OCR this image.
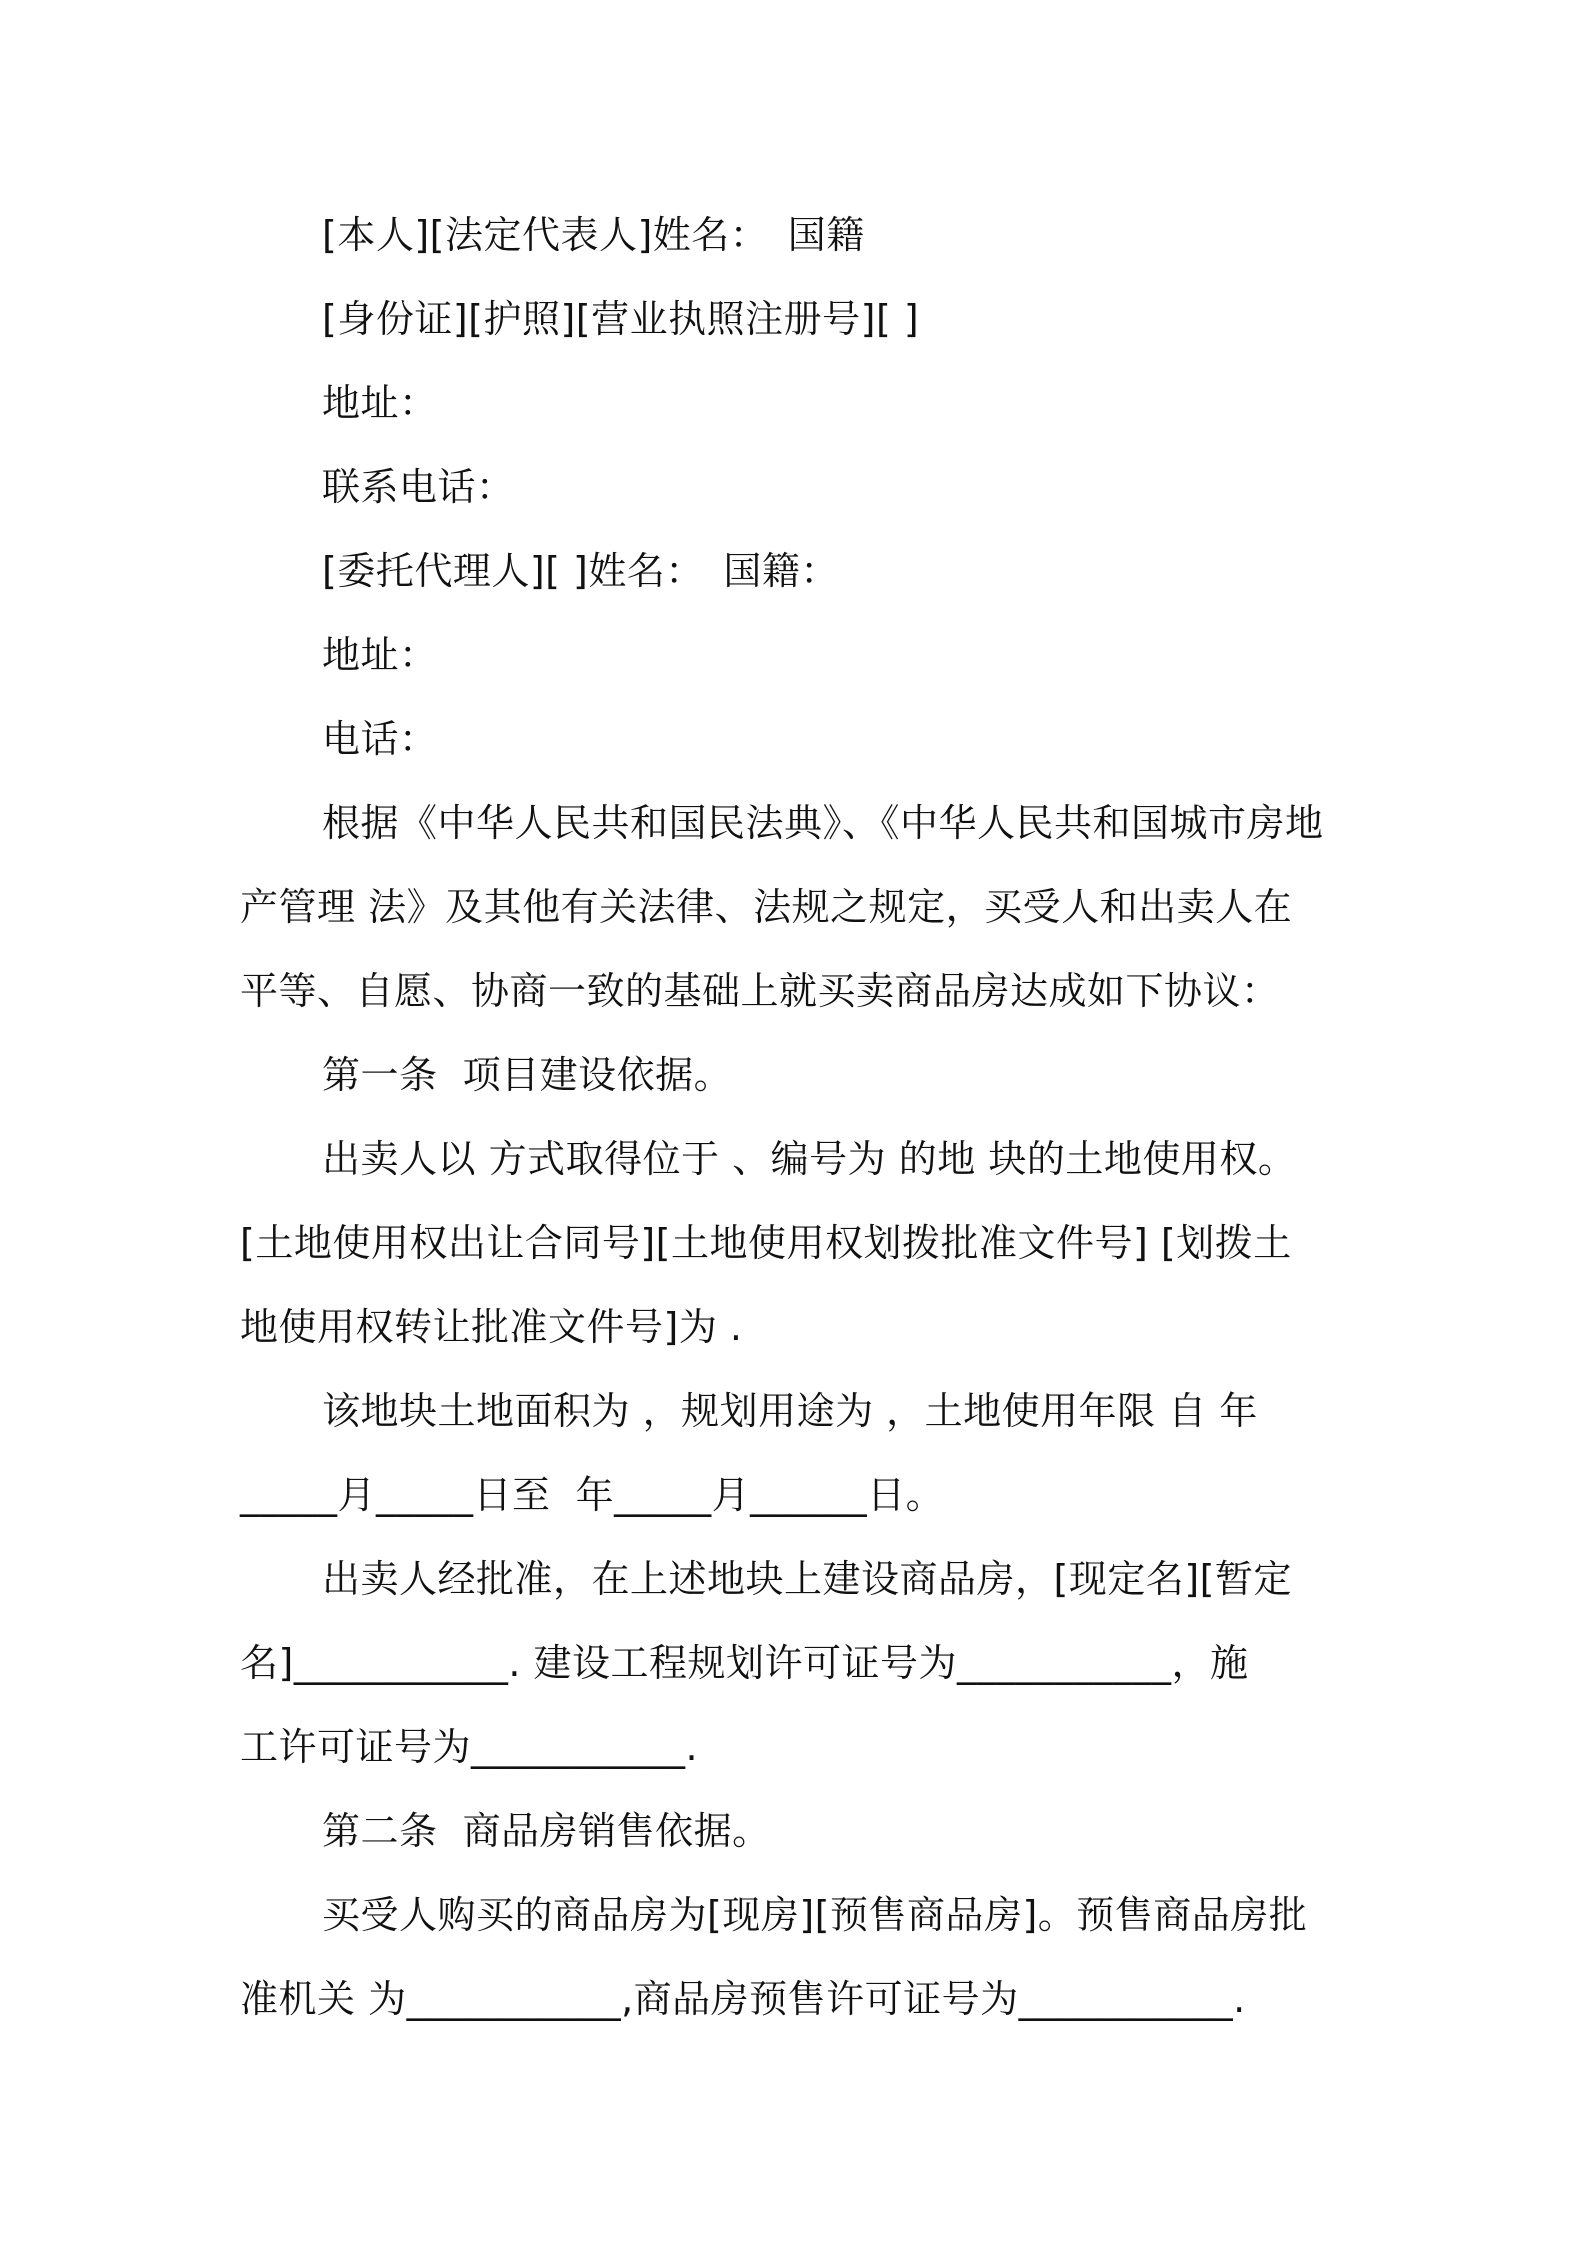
[本人][法定代表人]姓名：　国籍
[身份证][护照][营业执照注册号][ ]
地址：
联系电话：
[委托代理人][ ]姓名：　国籍：
地址：
电话：
根据《中华人民共和国民法典》、《中华人民共和国城市房地
产管理 法》及其他有关法律、法规之规定，买受人和出卖人在
平等、自愿、协商一致的基础上就买卖商品房达成如下协议：
第一条  项目建设依据。
出卖人以 方式取得位于 、编号为 的地 块的土地使用权。
[土地使用权出让合同号][土地使用权划拨批准文件号] [划拨土
地使用权转让批准文件号]为 .
该地块土地面积为 ，规划用途为 ，土地使用年限 自 年
_____月_____日至  年_____月______日。
出卖人经批准，在上述地块上建设商品房，[现定名][暂定
名]___________. 建设工程规划许可证号为___________，施
工许可证号为___________.
第二条  商品房销售依据。
买受人购买的商品房为[现房][预售商品房]。预售商品房批
准机关 为___________,商品房预售许可证号为___________.
